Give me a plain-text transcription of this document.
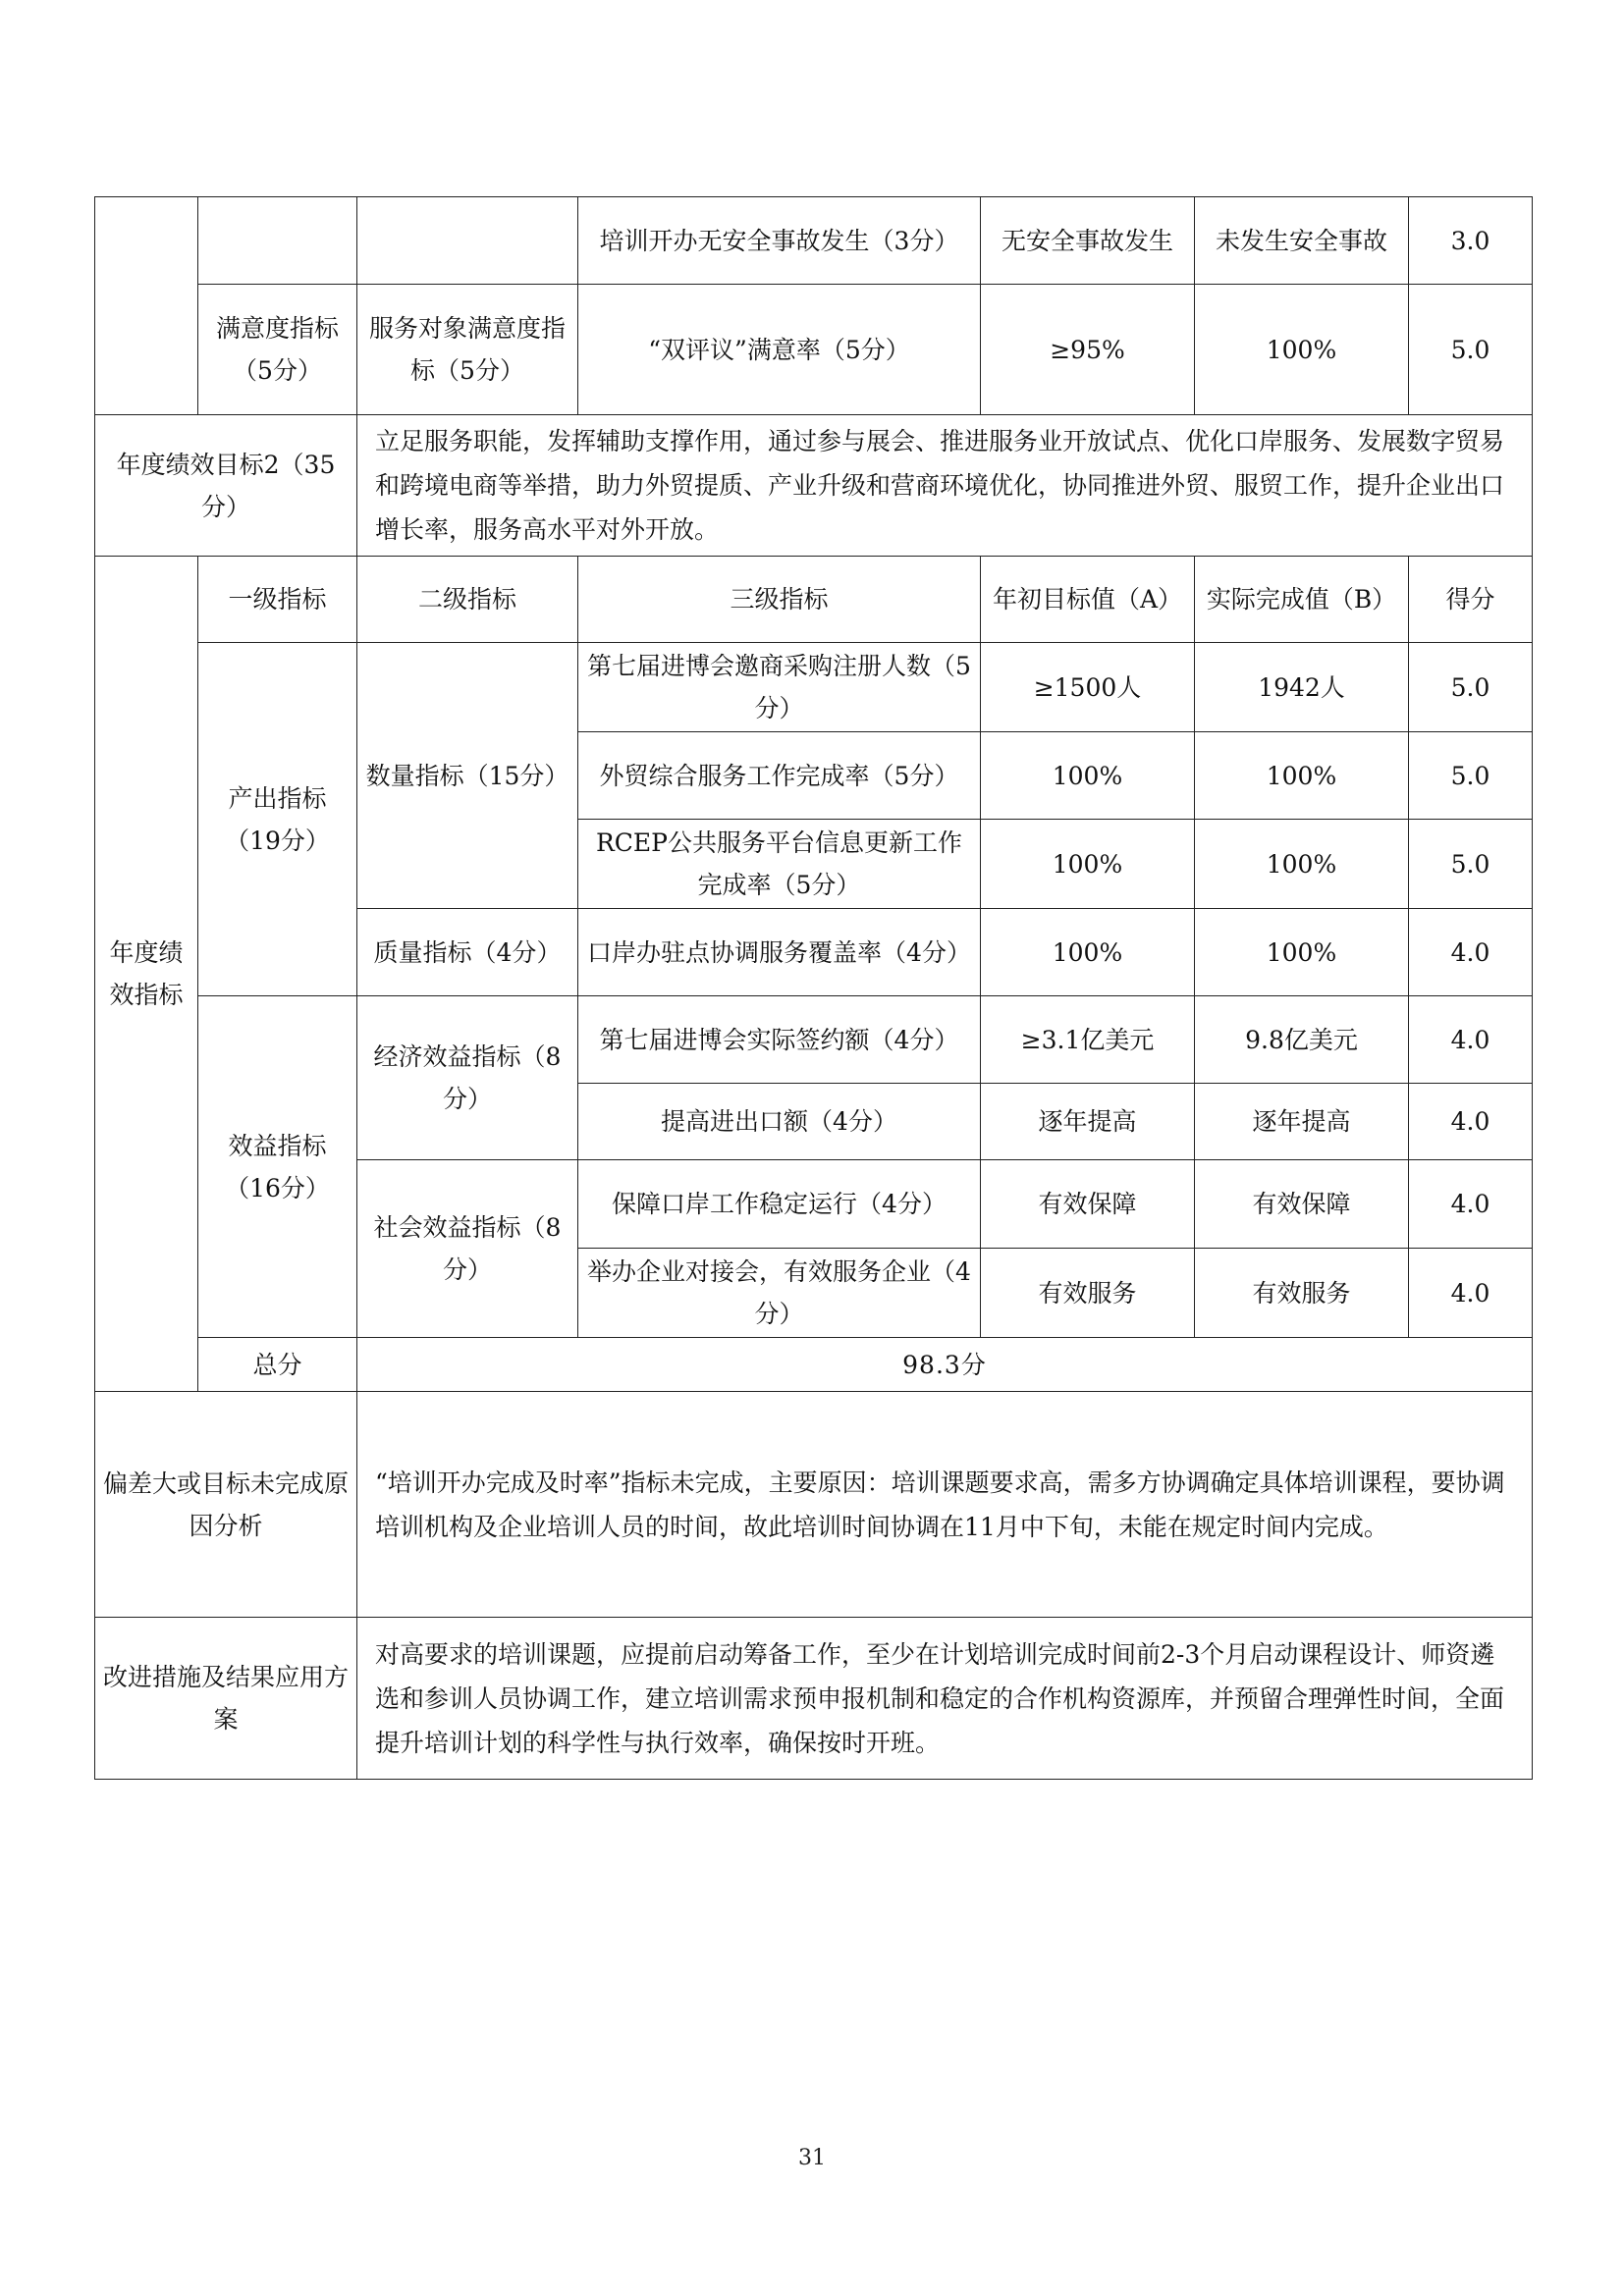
			培训开办无安全事故发生（3分）	无安全事故发生	未发生安全事故	3.0
	满意度指标（5分）	服务对象满意度指标（5分）	“双评议”满意率（5分）	≥95%	100%	5.0
年度绩效目标2（35分）		立足服务职能，发挥辅助支撑作用，通过参与展会、推进服务业开放试点、优化口岸服务、发展数字贸易和跨境电商等举措，助力外贸提质、产业升级和营商环境优化，协同推进外贸、服贸工作，提升企业出口增长率，服务高水平对外开放。				
年度绩效指标	一级指标	二级指标	三级指标	年初目标值（A）	实际完成值（B）	得分
	产出指标（19分）	数量指标（15分）	第七届进博会邀商采购注册人数（5分）	≥1500人	1942人	5.0
			外贸综合服务工作完成率（5分）	100%	100%	5.0
			RCEP公共服务平台信息更新工作完成率（5分）	100%	100%	5.0
		质量指标（4分）	口岸办驻点协调服务覆盖率（4分）	100%	100%	4.0
	效益指标（16分）	经济效益指标（8分）	第七届进博会实际签约额（4分）	≥3.1亿美元	9.8亿美元	4.0
			提高进出口额（4分）	逐年提高	逐年提高	4.0
		社会效益指标（8分）	保障口岸工作稳定运行（4分）	有效保障	有效保障	4.0
			举办企业对接会，有效服务企业（4分）	有效服务	有效服务	4.0
	总分	98.3分				
偏差大或目标未完成原因分析		“培训开办完成及时率”指标未完成，主要原因：培训课题要求高，需多方协调确定具体培训课程，要协调培训机构及企业培训人员的时间，故此培训时间协调在11月中下旬，未能在规定时间内完成。				
改进措施及结果应用方案		对高要求的培训课题，应提前启动筹备工作，至少在计划培训完成时间前2-3个月启动课程设计、师资遴选和参训人员协调工作，建立培训需求预申报机制和稳定的合作机构资源库，并预留合理弹性时间，全面提升培训计划的科学性与执行效率，确保按时开班。				
31
